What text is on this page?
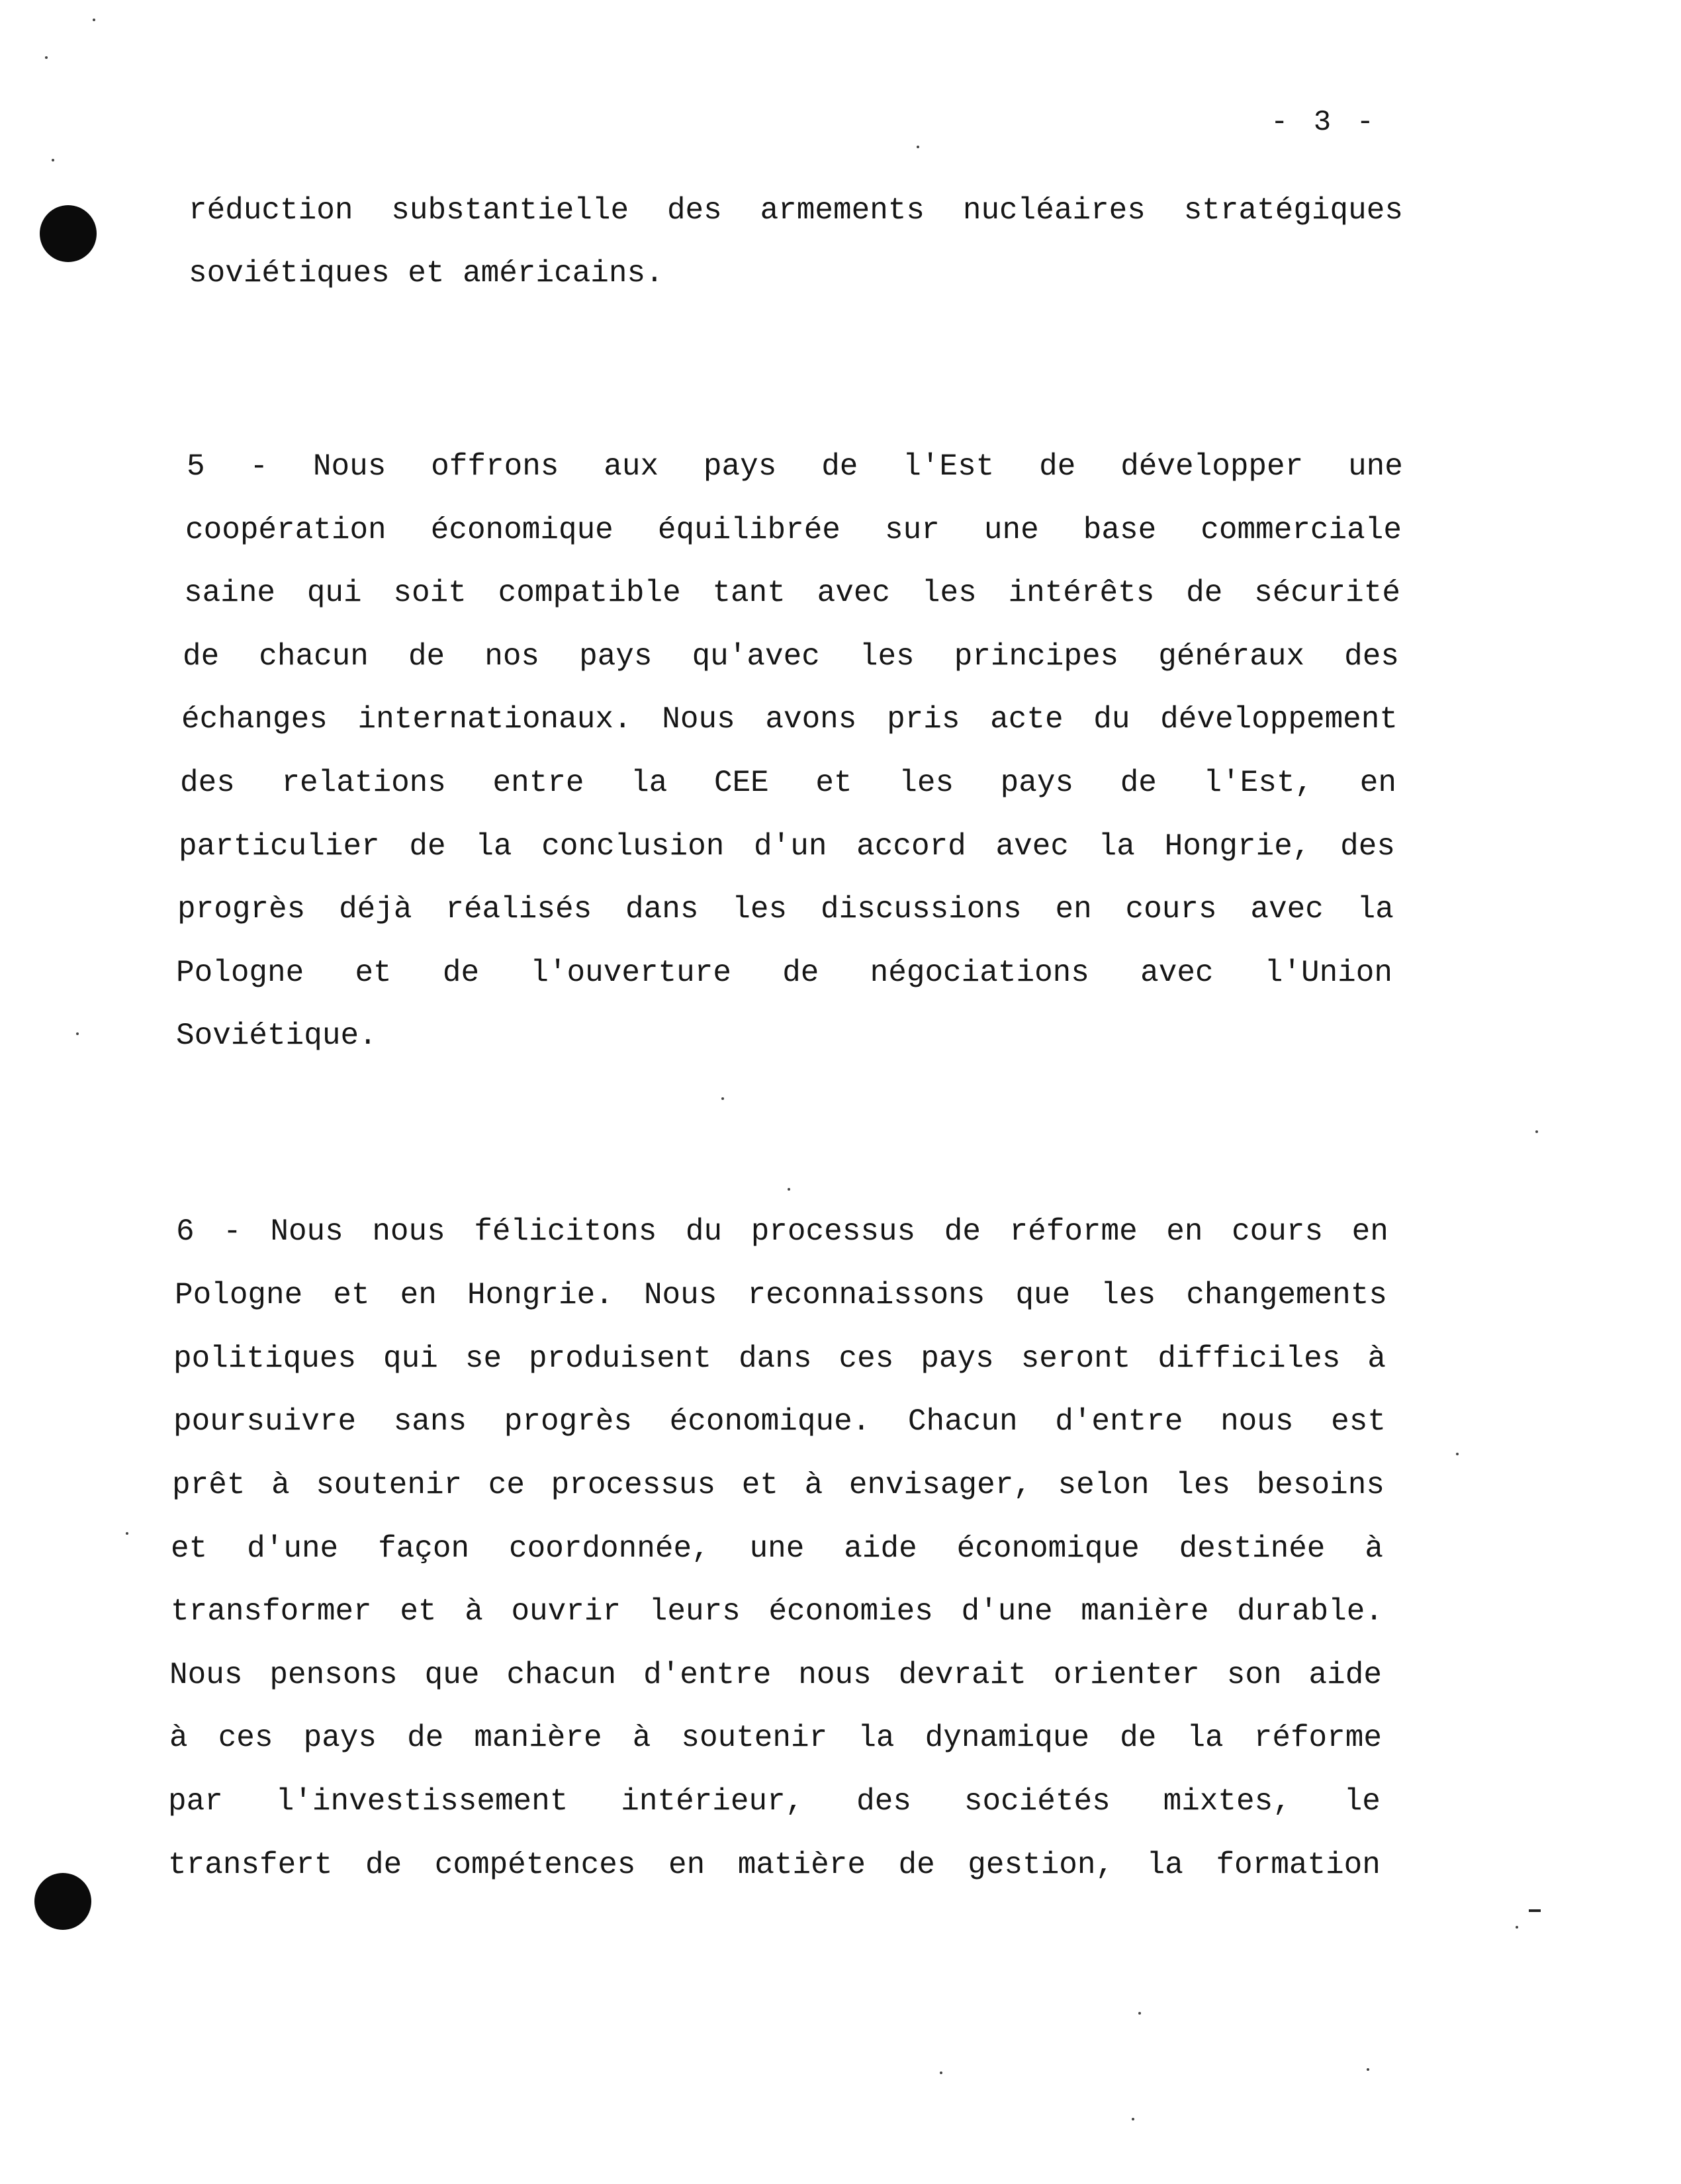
- 3 -
réduction substantielle des armements nucléaires stratégiques
soviétiques et américains.
5 - Nous offrons aux pays de l'Est de développer une
coopération économique équilibrée sur une base commerciale
saine qui soit compatible tant avec les intérêts de sécurité
de chacun de nos pays qu'avec les principes généraux des
échanges internationaux. Nous avons pris acte du développement
des relations entre la CEE et les pays de l'Est, en
particulier de la conclusion d'un accord avec la Hongrie, des
progrès déjà réalisés dans les discussions en cours avec la
Pologne et de l'ouverture de négociations avec l'Union
Soviétique.
6 - Nous nous félicitons du processus de réforme en cours en
Pologne et en Hongrie. Nous reconnaissons que les changements
politiques qui se produisent dans ces pays seront difficiles à
poursuivre sans progrès économique. Chacun d'entre nous est
prêt à soutenir ce processus et à envisager, selon les besoins
et d'une façon coordonnée, une aide économique destinée à
transformer et à ouvrir leurs économies d'une manière durable.
Nous pensons que chacun d'entre nous devrait orienter son aide
à ces pays de manière à soutenir la dynamique de la réforme
par l'investissement intérieur, des sociétés mixtes, le
transfert de compétences en matière de gestion, la formation
